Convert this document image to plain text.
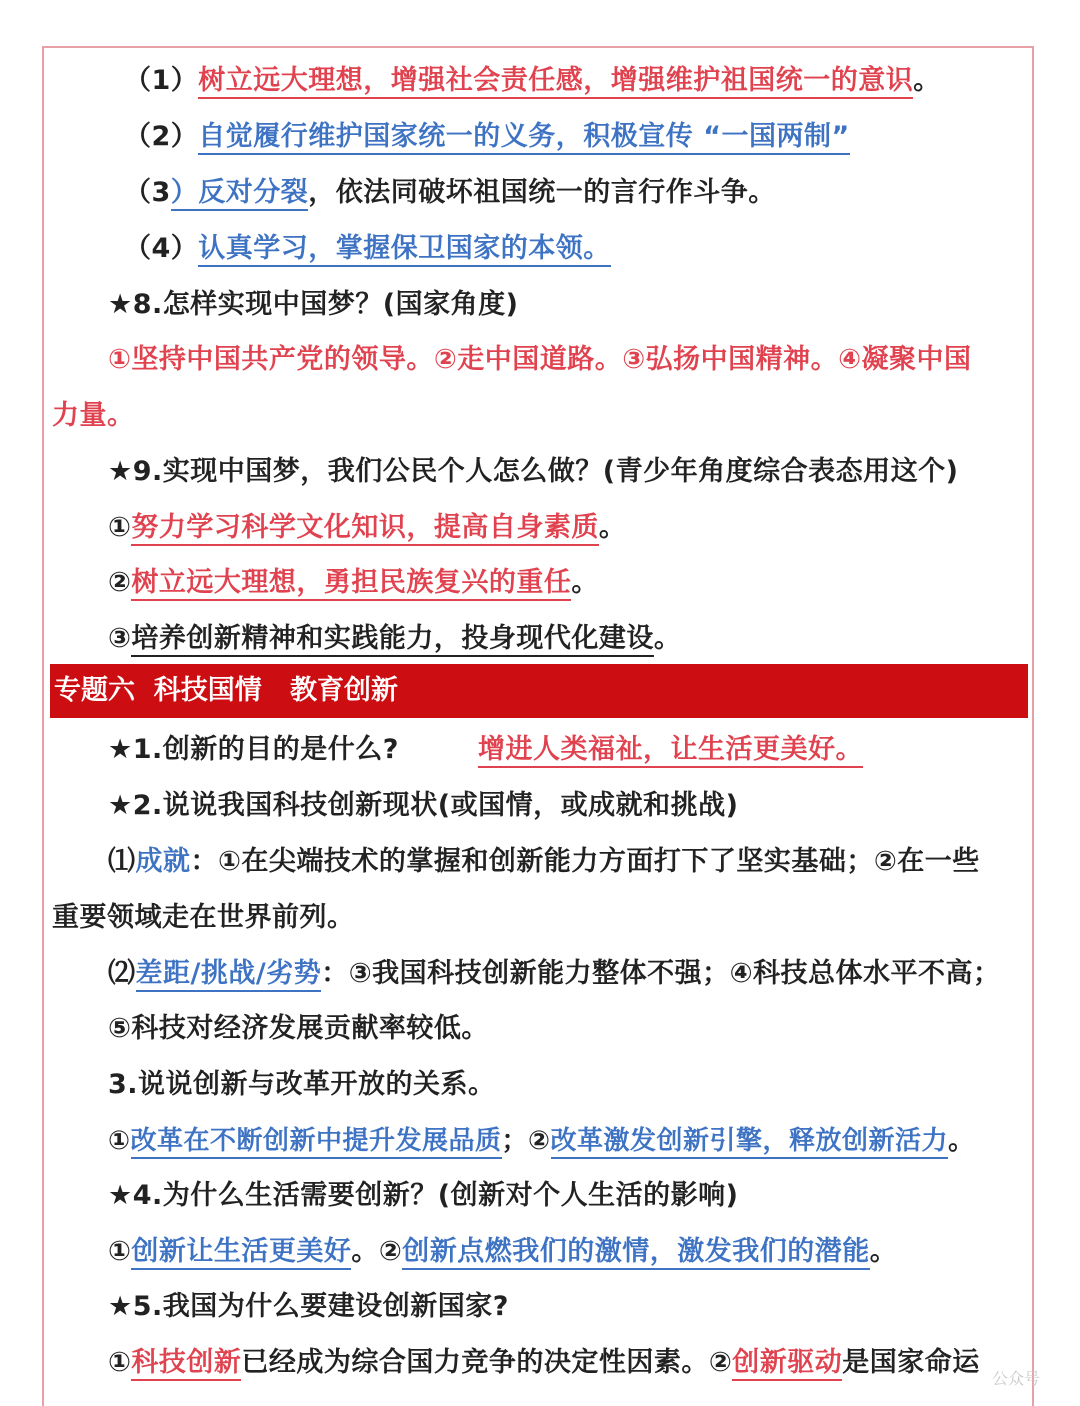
（1）树立远大理想，增强社会责任感，增强维护祖国统一的意识。
（2）自觉履行维护国家统一的义务，积极宣传 “一国两制”
（3）反对分裂，依法同破坏祖国统一的言行作斗争。
（4）认真学习，掌握保卫国家的本领。
★8.怎样实现中国梦？(国家角度)
①坚持中国共产党的领导。②走中国道路。③弘扬中国精神。④凝聚中国
力量。
★9.实现中国梦，我们公民个人怎么做？(青少年角度综合表态用这个)
①努力学习科学文化知识，提高自身素质。
②树立远大理想，勇担民族复兴的重任。
③培养创新精神和实践能力，投身现代化建设。
专题六  科技国情   教育创新
★1.创新的目的是什么?	增进人类福祉，让生活更美好。
★2.说说我国科技创新现状(或国情，或成就和挑战)
⑴成就：①在尖端技术的掌握和创新能力方面打下了坚实基础；②在一些
重要领域走在世界前列。
⑵差距/挑战/劣势：③我国科技创新能力整体不强；④科技总体水平不高；
⑤科技对经济发展贡献率较低。
3.说说创新与改革开放的关系。
①改革在不断创新中提升发展品质；②改革激发创新引擎，释放创新活力。
★4.为什么生活需要创新？(创新对个人生活的影响)
①创新让生活更美好。②创新点燃我们的激情，激发我们的潜能。
★5.我国为什么要建设创新国家?
①科技创新已经成为综合国力竞争的决定性因素。②创新驱动是国家命运
公众号
